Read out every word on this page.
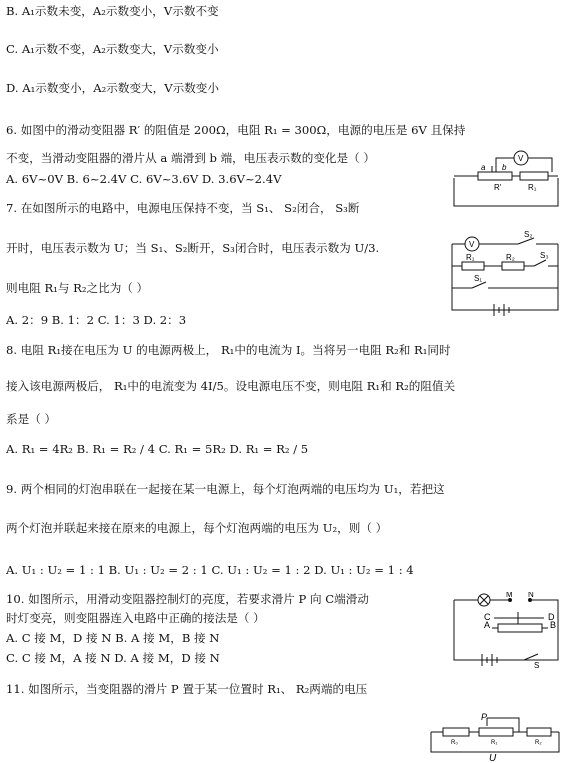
B. A₁示数未变，A₂示数变小，V示数不变
C. A₁示数不变，A₂示数变大，V示数变小
D. A₁示数变小，A₂示数变大，V示数变小
6. 如图中的滑动变阻器 R′ 的阻值是 200Ω，电阻 R₁ = 300Ω，电源的电压是 6V 且保持
不变，当滑动变阻器的滑片从 a 端滑到 b 端，电压表示数的变化是（ ）
A. 6V~0V B. 6~2.4V C. 6V~3.6V D. 3.6V~2.4V
7. 在如图所示的电路中，电源电压保持不变，当 S₁、 S₂闭合， S₃断
开时，电压表示数为 U；当 S₁、S₂断开，S₃闭合时，电压表示数为 U/3.
则电阻 R₁与 R₂之比为（ ）
A. 2：9 B. 1：2 C. 1：3 D. 2：3
8. 电阻 R₁接在电压为 U 的电源两极上， R₁中的电流为 I。当将另一电阻 R₂和 R₁同时
接入该电源两极后， R₁中的电流变为 4I/5。设电源电压不变，则电阻 R₁和 R₂的阻值关
系是（ ）
A. R₁ = 4R₂ B. R₁ = R₂ / 4 C. R₁ = 5R₂ D. R₁ = R₂ / 5
9. 两个相同的灯泡串联在一起接在某一电源上，每个灯泡两端的电压均为 U₁，若把这
两个灯泡并联起来接在原来的电源上，每个灯泡两端的电压为 U₂，则（ ）
A. U₁ : U₂ = 1 : 1 B. U₁ : U₂ = 2 : 1 C. U₁ : U₂ = 1 : 2 D. U₁ : U₂ = 1 : 4
10. 如图所示，用滑动变阻器控制灯的亮度，若要求滑片 P 向 C端滑动
时灯变亮，则变阻器连入电路中正确的接法是（ ）
A. C 接 M，D 接 N B. A 接 M，B 接 N
C. C 接 M，A 接 N D. A 接 M，D 接 N
11. 如图所示，当变阻器的滑片 P 置于某一位置时 R₁、 R₂两端的电压
V
a b
R'	R₁
V
S₂
R₁	R₂	S₃
S₁
M N
A	B
C	D
S
P
R₀	R₁	R₂
U
